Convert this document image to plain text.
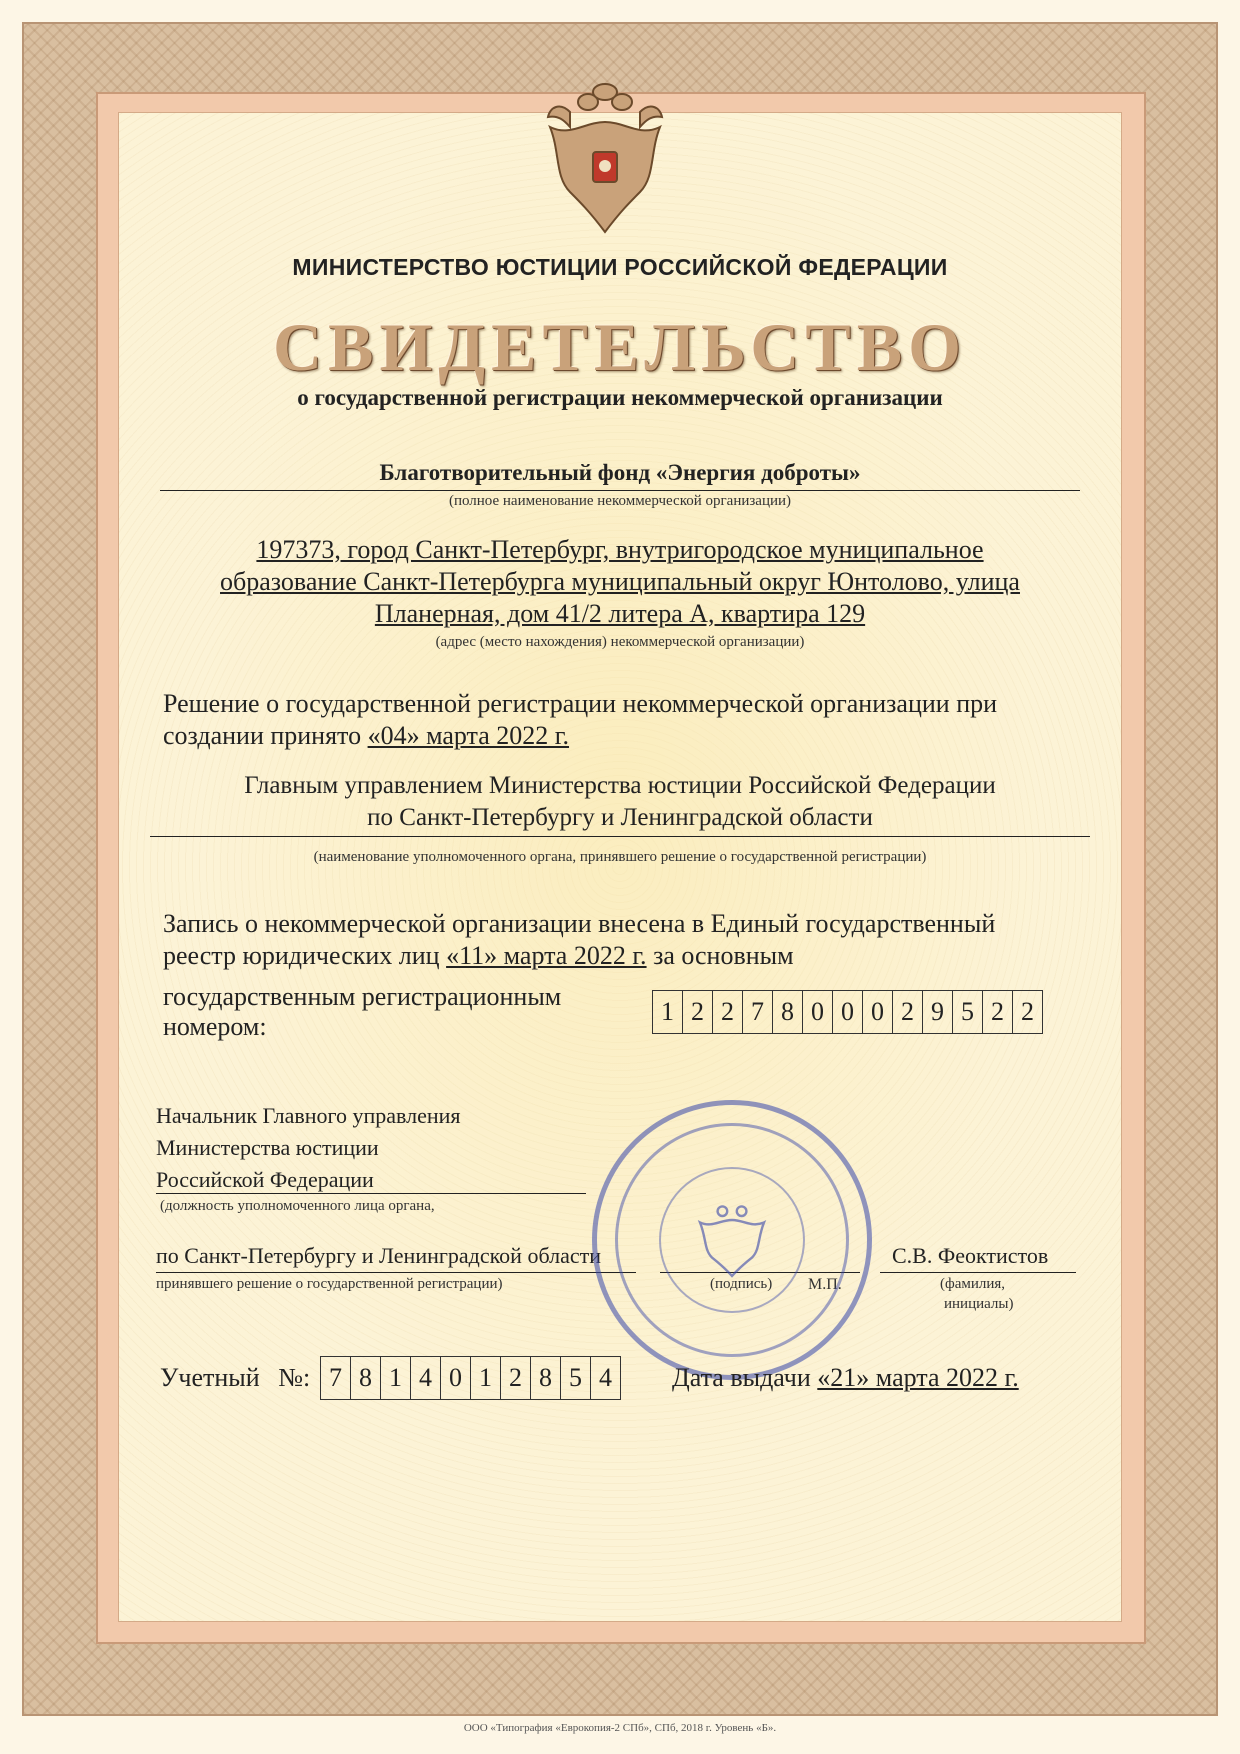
МИНИСТЕРСТВО ЮСТИЦИИ РОССИЙСКОЙ ФЕДЕРАЦИИ
СВИДЕТЕЛЬСТВО
о государственной регистрации некоммерческой организации
Благотворительный фонд «Энергия доброты»
(полное наименование некоммерческой организации)
197373, город Санкт-Петербург, внутригородское муниципальное
образование Санкт-Петербурга муниципальный округ Юнтолово, улица
Планерная, дом 41/2 литера А, квартира 129
(адрес (место нахождения) некоммерческой организации)
Решение о государственной регистрации некоммерческой организации при
создании принято «04» марта 2022 г.
Главным управлением Министерства юстиции Российской Федерации
по Санкт-Петербургу и Ленинградской области
(наименование уполномоченного органа, принявшего решение о государственной регистрации)
Запись о некоммерческой организации внесена в Единый государственный
реестр юридических лиц «11» марта 2022 г. за основным
государственным регистрационным
номером:
1 2 2 7 8 0 0 0 2 9 5 2 2
Начальник Главного управления
Министерства юстиции
Российской Федерации
(должность уполномоченного лица органа,
по Санкт-Петербургу и Ленинградской области
принявшего решение о государственной регистрации)	(подпись) М.П.
С.В. Феоктистов
(фамилия,
инициалы)
Учетный №: 7 8 1 4 0 1 2 8 5 4	Дата выдачи «21» марта 2022 г.
ООО «Типография «Еврокопия-2 СПб», СПб, 2018 г. Уровень «Б».
